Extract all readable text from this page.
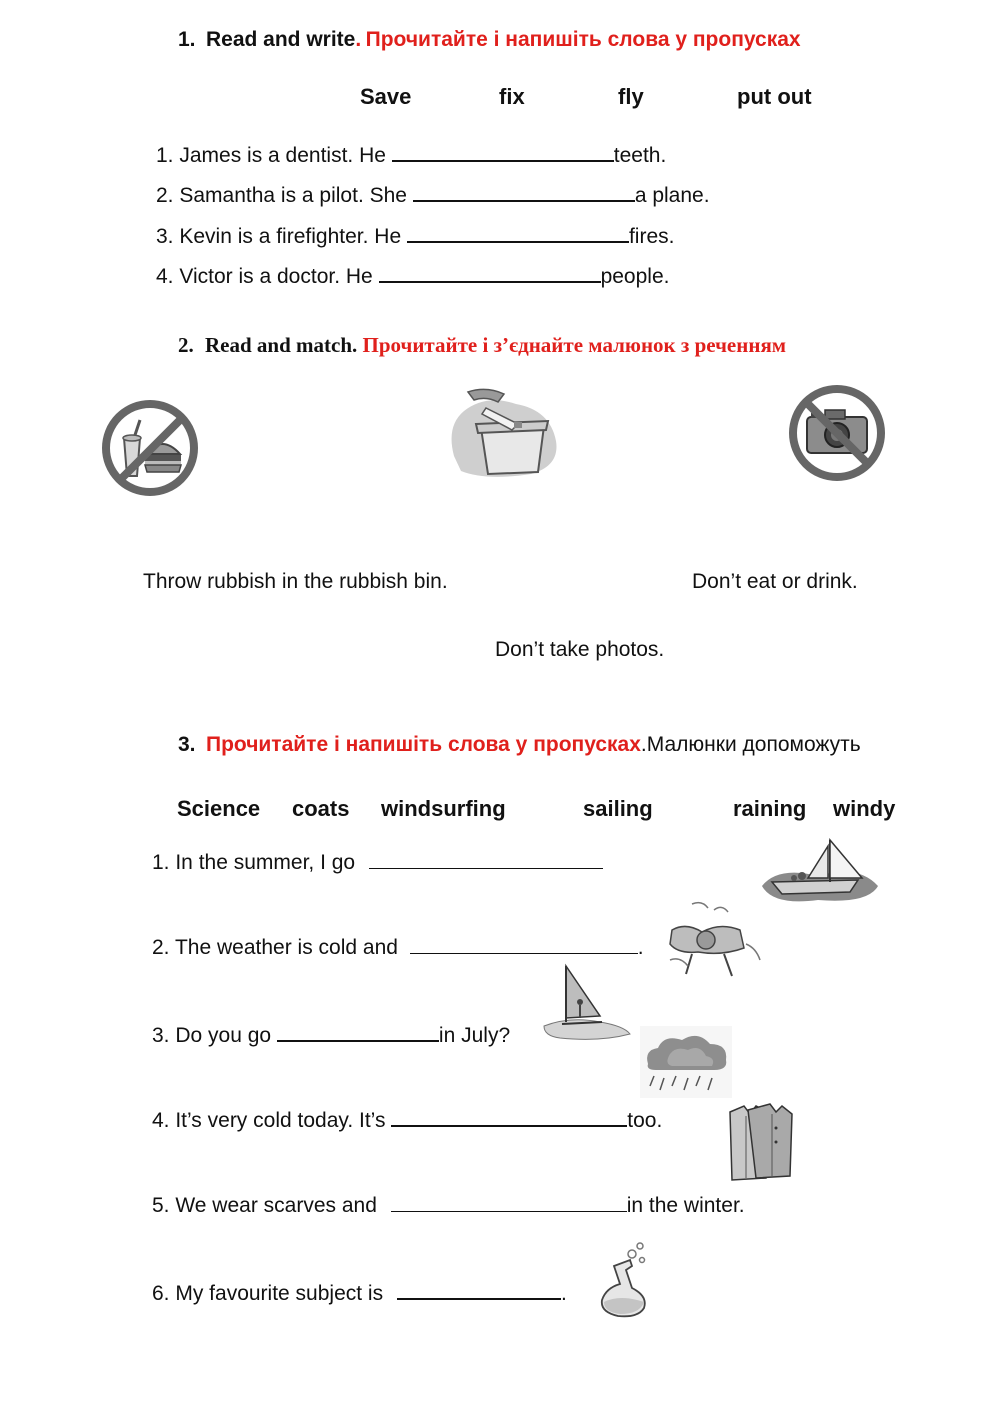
1. Read and write. Прочитайте і напишіть слова у пропусках
Save	fix	fly	put out
1. James is a dentist. He	teeth.
2. Samantha is a pilot. She	a plane.
3. Kevin is a firefighter. He	fires.
4. Victor is a doctor. He	people.
2. Read and match. Прочитайте і з’єднайте малюнок з реченням
Throw rubbish in the rubbish bin.	Don’t eat or drink.
Don’t take photos.
3. Прочитайте і напишіть слова у пропусках.Малюнки допоможуть
Science coats windsurfing	sailing	raining windy
1. In the summer, I go
2. The weather is cold and	.
3. Do you go	in July?
4. It’s very cold today. It’s	too.
5. We wear scarves and	in the winter.
6. My favourite subject is	.
